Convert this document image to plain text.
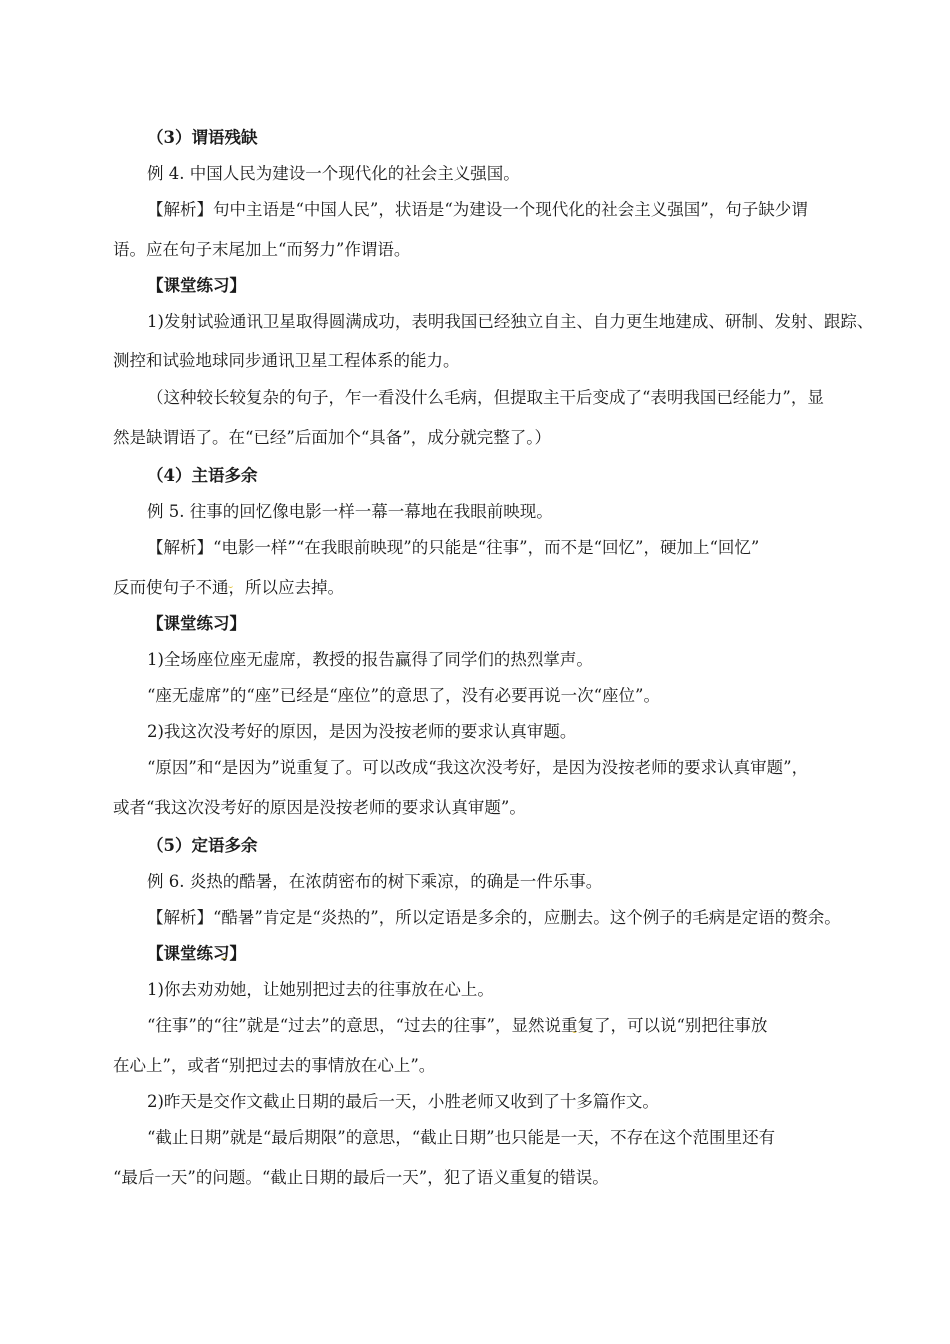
（3）谓语残缺
例 4. 中国人民为建设一个现代化的社会主义强国。
【解析】句中主语是“中国人民”，状语是“为建设一个现代化的社会主义强国”，句子缺少谓
语。应在句子末尾加上“而努力”作谓语。
【课堂练习】
1)发射试验通讯卫星取得圆满成功，表明我国已经独立自主、自力更生地建成、研制、发射、跟踪、
测控和试验地球同步通讯卫星工程体系的能力。
（这种较长较复杂的句子，乍一看没什么毛病，但提取主干后变成了“表明我国已经能力”，显
然是缺谓语了。在“已经”后面加个“具备”，成分就完整了。）
（4）主语多余
例 5. 往事的回忆像电影一样一幕一幕地在我眼前映现。
【解析】“电影一样”“在我眼前映现”的只能是“往事”，而不是“回忆”，硬加上“回忆”
反而使句子不通，所以应去掉。
【课堂练习】
1)全场座位座无虚席，教授的报告赢得了同学们的热烈掌声。
“座无虚席”的“座”已经是“座位”的意思了，没有必要再说一次“座位”。
2)我这次没考好的原因，是因为没按老师的要求认真审题。
“原因”和“是因为”说重复了。可以改成“我这次没考好，是因为没按老师的要求认真审题”，
或者“我这次没考好的原因是没按老师的要求认真审题”。
（5）定语多余
例 6. 炎热的酷暑，在浓荫密布的树下乘凉，的确是一件乐事。
【解析】“酷暑”肯定是“炎热的”，所以定语是多余的，应删去。这个例子的毛病是定语的赘余。
【课堂练习】
1)你去劝劝她，让她别把过去的往事放在心上。
“往事”的“往”就是“过去”的意思，“过去的往事”，显然说重复了，可以说“别把往事放
在心上”，或者“别把过去的事情放在心上”。
2)昨天是交作文截止日期的最后一天，小胜老师又收到了十多篇作文。
“截止日期”就是“最后期限”的意思，“截止日期”也只能是一天，不存在这个范围里还有
“最后一天”的问题。“截止日期的最后一天”，犯了语义重复的错误。
